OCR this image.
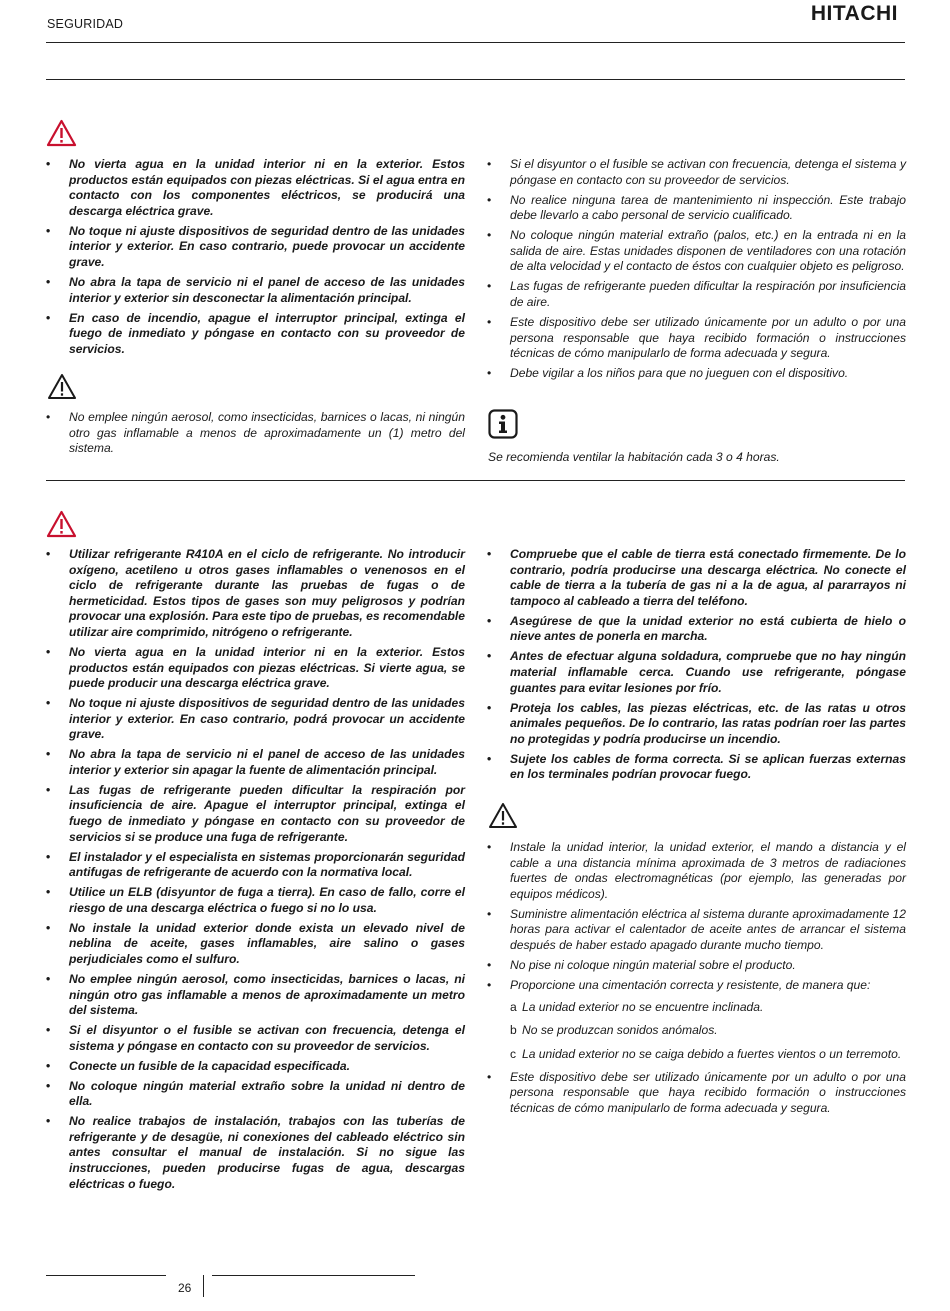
SEGURIDAD	HITACHI
• No vierta agua en la unidad interior ni en la exterior. Estos productos están equipados con piezas eléctricas. Si el agua entra en contacto con los componentes eléctricos, se producirá una descarga eléctrica grave.
• No toque ni ajuste dispositivos de seguridad dentro de las unidades interior y exterior. En caso contrario, puede provocar un accidente grave.
• No abra la tapa de servicio ni el panel de acceso de las unidades interior y exterior sin desconectar la alimentación principal.
• En caso de incendio, apague el interruptor principal, extinga el fuego de inmediato y póngase en contacto con su proveedor de servicios.
• No emplee ningún aerosol, como insecticidas, barnices o lacas, ni ningún otro gas inflamable a menos de aproximadamente un (1) metro del sistema.
• Si el disyuntor o el fusible se activan con frecuencia, detenga el sistema y póngase en contacto con su proveedor de servicios.
• No realice ninguna tarea de mantenimiento ni inspección. Este trabajo debe llevarlo a cabo personal de servicio cualificado.
• No coloque ningún material extraño (palos, etc.) en la entrada ni en la salida de aire. Estas unidades disponen de ventiladores con una rotación de alta velocidad y el contacto de éstos con cualquier objeto es peligroso.
• Las fugas de refrigerante pueden dificultar la respiración por insuficiencia de aire.
• Este dispositivo debe ser utilizado únicamente por un adulto o por una persona responsable que haya recibido formación o instrucciones técnicas de cómo manipularlo de forma adecuada y segura.
• Debe vigilar a los niños para que no jueguen con el dispositivo.
Se recomienda ventilar la habitación cada 3 o 4 horas.
• Utilizar refrigerante R410A en el ciclo de refrigerante. No introducir oxígeno, acetileno u otros gases inflamables o venenosos en el ciclo de refrigerante durante las pruebas de fugas o de hermeticidad. Estos tipos de gases son muy peligrosos y podrían provocar una explosión. Para este tipo de pruebas, es recomendable utilizar aire comprimido, nitrógeno o refrigerante.
• No vierta agua en la unidad interior ni en la exterior. Estos productos están equipados con piezas eléctricas. Si vierte agua, se puede producir una descarga eléctrica grave.
• No toque ni ajuste dispositivos de seguridad dentro de las unidades interior y exterior. En caso contrario, podrá provocar un accidente grave.
• No abra la tapa de servicio ni el panel de acceso de las unidades interior y exterior sin apagar la fuente de alimentación principal.
• Las fugas de refrigerante pueden dificultar la respiración por insuficiencia de aire. Apague el interruptor principal, extinga el fuego de inmediato y póngase en contacto con su proveedor de servicios si se produce una fuga de refrigerante.
• El instalador y el especialista en sistemas proporcionarán seguridad antifugas de refrigerante de acuerdo con la normativa local.
• Utilice un ELB (disyuntor de fuga a tierra). En caso de fallo, corre el riesgo de una descarga eléctrica o fuego si no lo usa.
• No instale la unidad exterior donde exista un elevado nivel de neblina de aceite, gases inflamables, aire salino o gases perjudiciales como el sulfuro.
• No emplee ningún aerosol, como insecticidas, barnices o lacas, ni ningún otro gas inflamable a menos de aproximadamente un metro del sistema.
• Si el disyuntor o el fusible se activan con frecuencia, detenga el sistema y póngase en contacto con su proveedor de servicios.
• Conecte un fusible de la capacidad especificada.
• No coloque ningún material extraño sobre la unidad ni dentro de ella.
• No realice trabajos de instalación, trabajos con las tuberías de refrigerante y de desagüe, ni conexiones del cableado eléctrico sin antes consultar el manual de instalación. Si no sigue las instrucciones, pueden producirse fugas de agua, descargas eléctricas o fuego.
• Compruebe que el cable de tierra está conectado firmemente. De lo contrario, podría producirse una descarga eléctrica. No conecte el cable de tierra a la tubería de gas ni a la de agua, al pararrayos ni tampoco al cableado a tierra del teléfono.
• Asegúrese de que la unidad exterior no está cubierta de hielo o nieve antes de ponerla en marcha.
• Antes de efectuar alguna soldadura, compruebe que no hay ningún material inflamable cerca. Cuando use refrigerante, póngase guantes para evitar lesiones por frío.
• Proteja los cables, las piezas eléctricas, etc. de las ratas u otros animales pequeños. De lo contrario, las ratas podrían roer las partes no protegidas y podría producirse un incendio.
• Sujete los cables de forma correcta. Si se aplican fuerzas externas en los terminales podrían provocar fuego.
• Instale la unidad interior, la unidad exterior, el mando a distancia y el cable a una distancia mínima aproximada de 3 metros de radiaciones fuertes de ondas electromagnéticas (por ejemplo, las generadas por equipos médicos).
• Suministre alimentación eléctrica al sistema durante aproximadamente 12 horas para activar el calentador de aceite antes de arrancar el sistema después de haber estado apagado durante mucho tiempo.
• No pise ni coloque ningún material sobre el producto.
• Proporcione una cimentación correcta y resistente, de manera que:
a La unidad exterior no se encuentre inclinada.
b No se produzcan sonidos anómalos.
c La unidad exterior no se caiga debido a fuertes vientos o un terremoto.
• Este dispositivo debe ser utilizado únicamente por un adulto o por una persona responsable que haya recibido formación o instrucciones técnicas de cómo manipularlo de forma adecuada y segura.
26
